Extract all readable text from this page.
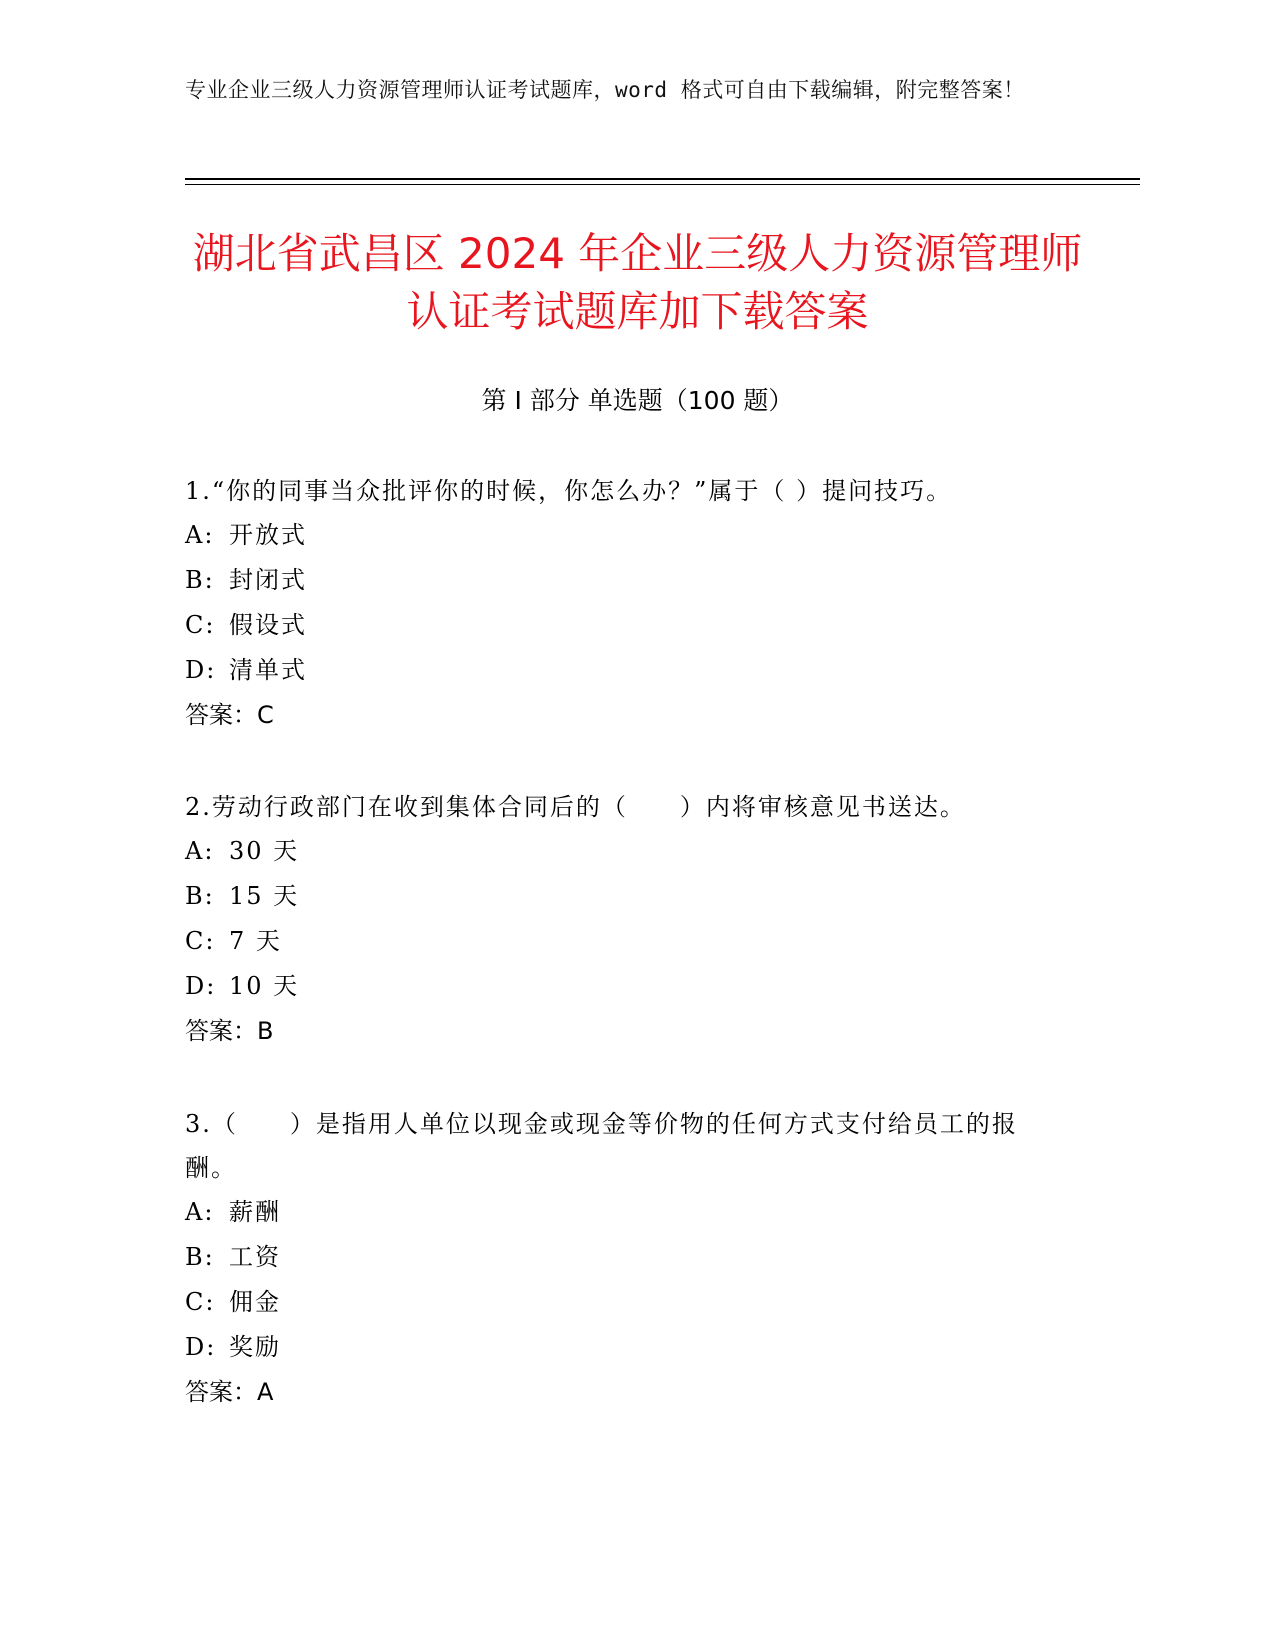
专业企业三级人力资源管理师认证考试题库，word 格式可自由下载编辑，附完整答案！
湖北省武昌区 2024 年企业三级人力资源管理师认证考试题库加下载答案
第 I 部分 单选题（100 题）

1.“你的同事当众批评你的时候，你怎么办？”属于（ ）提问技巧。

A: 开放式

B: 封闭式

C: 假设式

D: 清单式

答案：C

2.劳动行政部门在收到集体合同后的（　　）内将审核意见书送达。

A: 30 天

B: 15 天

C: 7 天

D: 10 天

答案：B

3.（　　）是指用人单位以现金或现金等价物的任何方式支付给员工的报酬。

A: 薪酬

B: 工资

C: 佣金

D: 奖励

答案：A
